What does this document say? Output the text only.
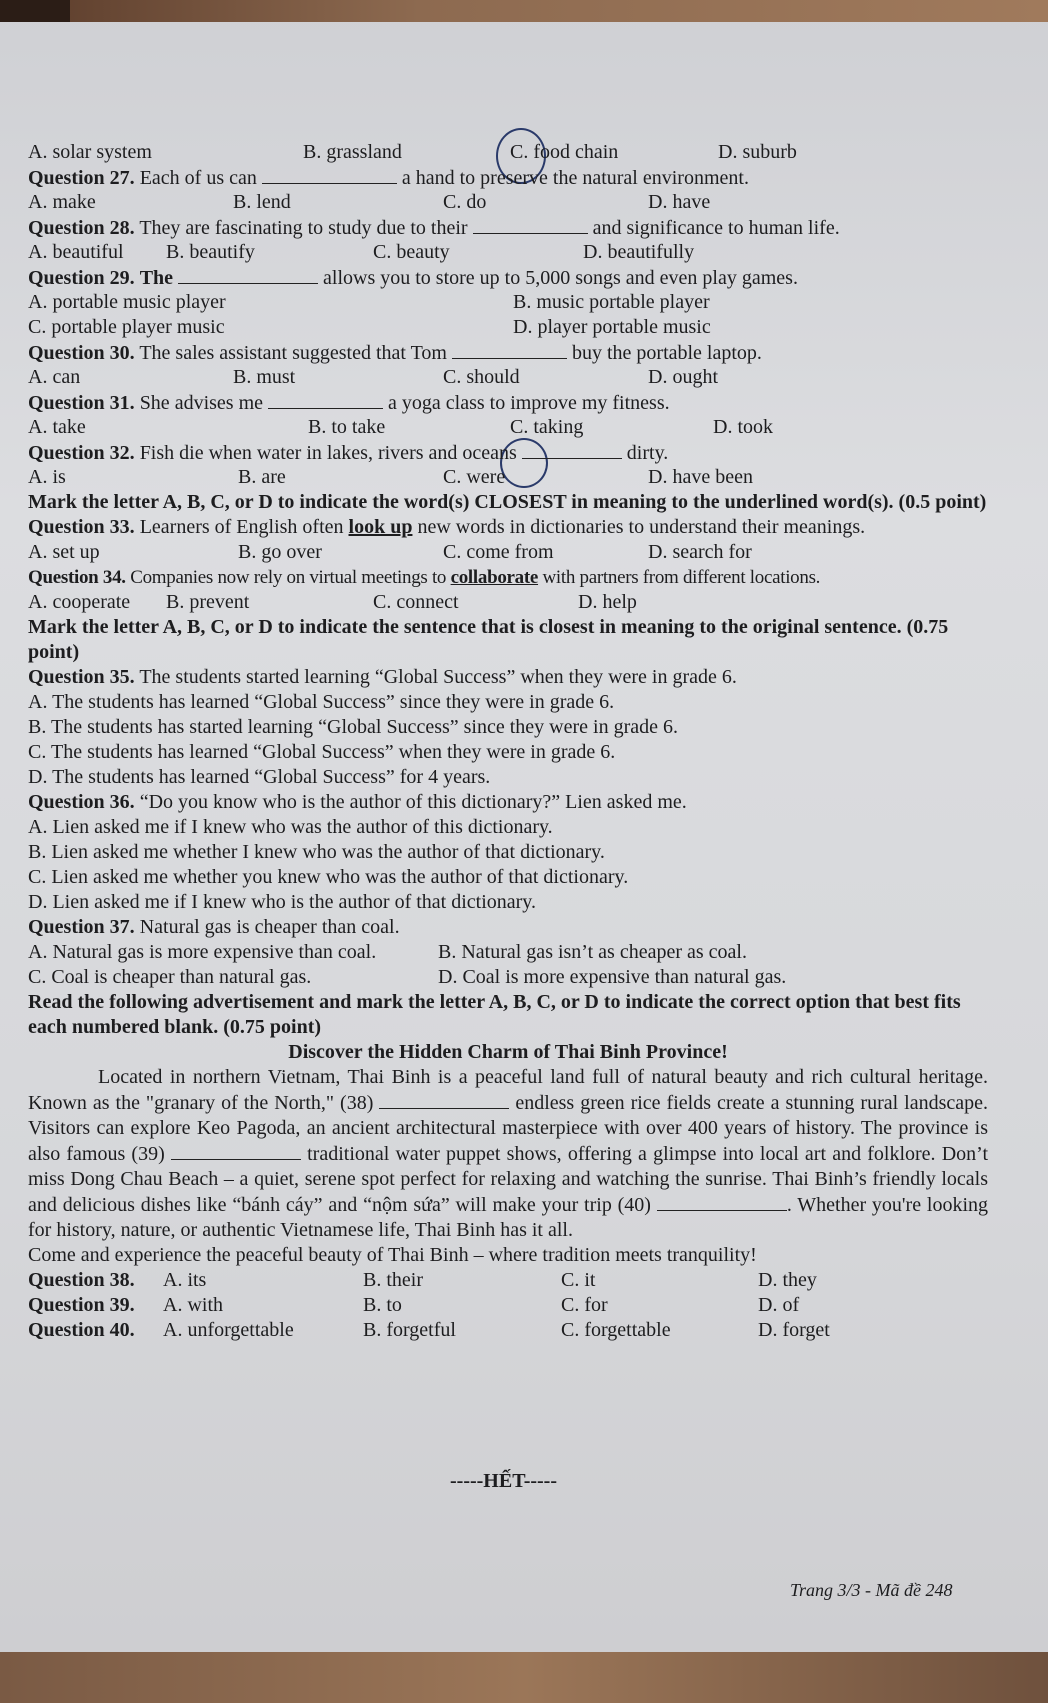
A. solar system	B. grassland	C. food chain	D. suburb
Question 27. Each of us can	a hand to preserve the natural environment.
A. make	B. lend	C. do	D. have
Question 28. They are fascinating to study due to their	and significance to human life.
A. beautiful B. beautify	C. beauty	D. beautifully
Question 29. The	allows you to store up to 5,000 songs and even play games.
A. portable music player	B. music portable player
C. portable player music	D. player portable music
Question 30. The sales assistant suggested that Tom	buy the portable laptop.
A. can	B. must	C. should	D. ought
Question 31. She advises me	a yoga class to improve my fitness.
A. take	B. to take	C. taking	D. took
Question 32. Fish die when water in lakes, rivers and oceans	dirty.
A. is	B. are	C. were	D. have been
Mark the letter A, B, C, or D to indicate the word(s) CLOSEST in meaning to the underlined word(s). (0.5 point)
Question 33. Learners of English often look up new words in dictionaries to understand their meanings.
A. set up	B. go over	C. come from	D. search for
Question 34. Companies now rely on virtual meetings to collaborate with partners from different locations.
A. cooperate B. prevent	C. connect	D. help
Mark the letter A, B, C, or D to indicate the sentence that is closest in meaning to the original sentence. (0.75 point)
Question 35. The students started learning “Global Success” when they were in grade 6.
A. The students has learned “Global Success” since they were in grade 6.
B. The students has started learning “Global Success” since they were in grade 6.
C. The students has learned “Global Success” when they were in grade 6.
D. The students has learned “Global Success” for 4 years.
Question 36. “Do you know who is the author of this dictionary?” Lien asked me.
A. Lien asked me if I knew who was the author of this dictionary.
B. Lien asked me whether I knew who was the author of that dictionary.
C. Lien asked me whether you knew who was the author of that dictionary.
D. Lien asked me if I knew who is the author of that dictionary.
Question 37. Natural gas is cheaper than coal.
A. Natural gas is more expensive than coal.	B. Natural gas isn’t as cheaper as coal.
C. Coal is cheaper than natural gas.	D. Coal is more expensive than natural gas.
Read the following advertisement and mark the letter A, B, C, or D to indicate the correct option that best fits each numbered blank. (0.75 point)
Discover the Hidden Charm of Thai Binh Province!
Located in northern Vietnam, Thai Binh is a peaceful land full of natural beauty and rich cultural heritage. Known as the "granary of the North," (38)	endless green rice fields create a stunning rural landscape. Visitors can explore Keo Pagoda, an ancient architectural masterpiece with over 400 years of history. The province is also famous (39)	traditional water puppet shows, offering a glimpse into local art and folklore. Don’t miss Dong Chau Beach – a quiet, serene spot perfect for relaxing and watching the sunrise. Thai Binh’s friendly locals and delicious dishes like “bánh cáy” and “nộm sứa” will make your trip (40)	. Whether you're looking for history, nature, or authentic Vietnamese life, Thai Binh has it all.
Come and experience the peaceful beauty of Thai Binh – where tradition meets tranquility!
Question 38. A. its	B. their	C. it	D. they
Question 39. A. with	B. to	C. for	D. of
Question 40. A. unforgettable	B. forgetful	C. forgettable	D. forget
-----HẾT-----
Trang 3/3 - Mã đề 248
